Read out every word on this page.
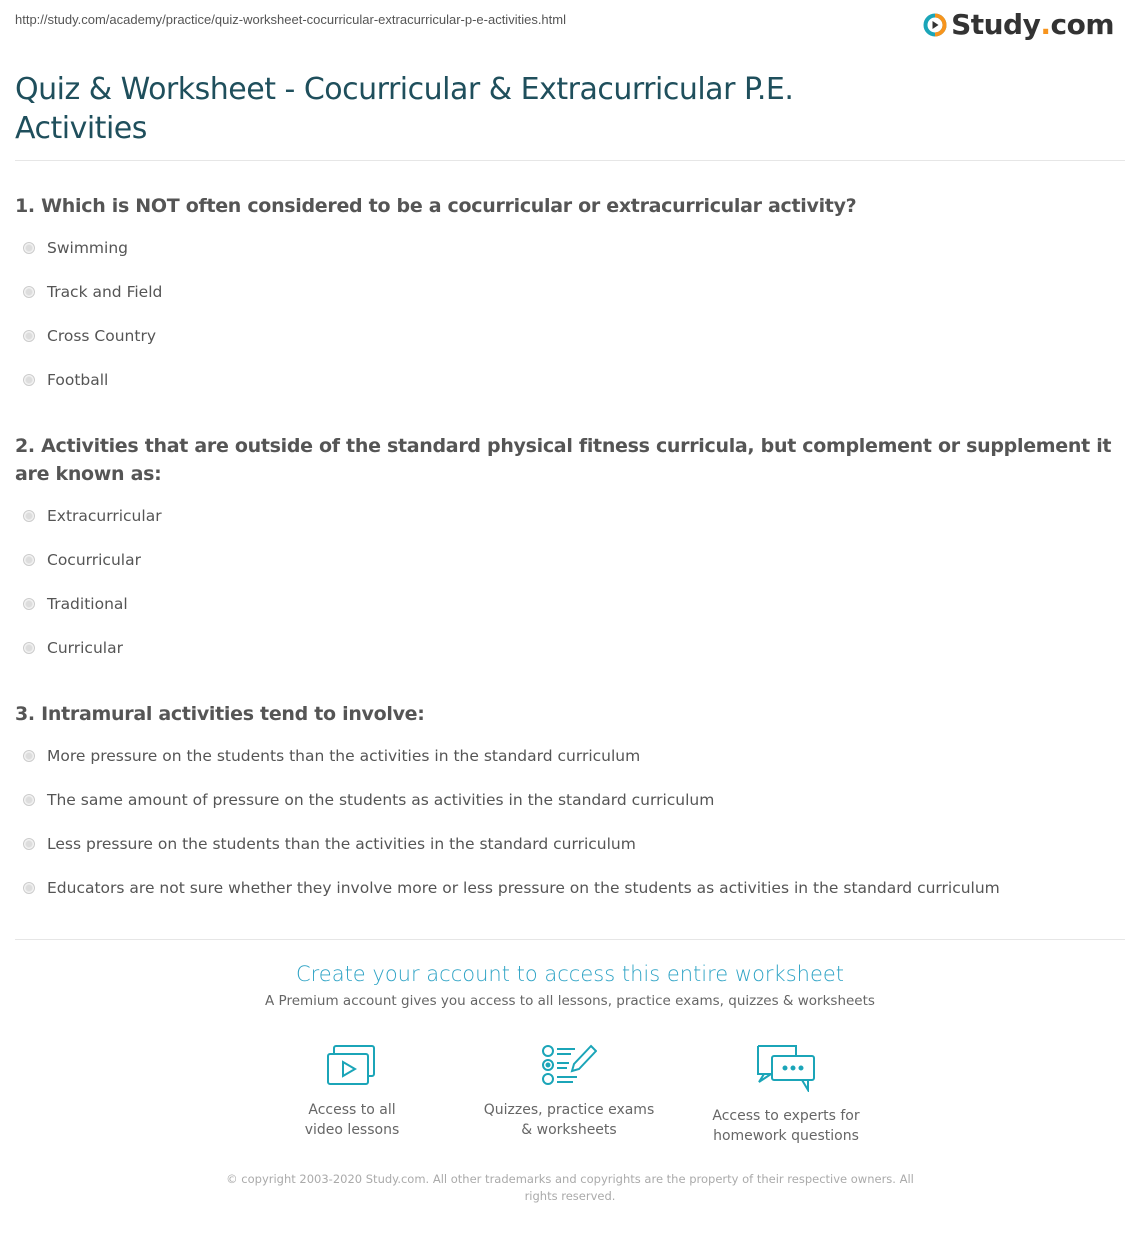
http://study.com/academy/practice/quiz-worksheet-cocurricular-extracurricular-p-e-activities.html	Study . com
Quiz & Worksheet - Cocurricular & Extracurricular P.E. Activities
1. Which is NOT often considered to be a cocurricular or extracurricular activity?
Swimming
Track and Field
Cross Country
Football
2. Activities that are outside of the standard physical fitness curricula, but complement or supplement it are known as:
Extracurricular
Cocurricular
Traditional
Curricular
3. Intramural activities tend to involve:
More pressure on the students than the activities in the standard curriculum
The same amount of pressure on the students as activities in the standard curriculum
Less pressure on the students than the activities in the standard curriculum
Educators are not sure whether they involve more or less pressure on the students as activities in the standard curriculum
Create your account to access this entire worksheet
A Premium account gives you access to all lessons, practice exams, quizzes & worksheets
Access to all
video lessons
Quizzes, practice exams
& worksheets
Access to experts for
homework questions
© copyright 2003-2020 Study.com. All other trademarks and copyrights are the property of their respective owners. All rights reserved.
